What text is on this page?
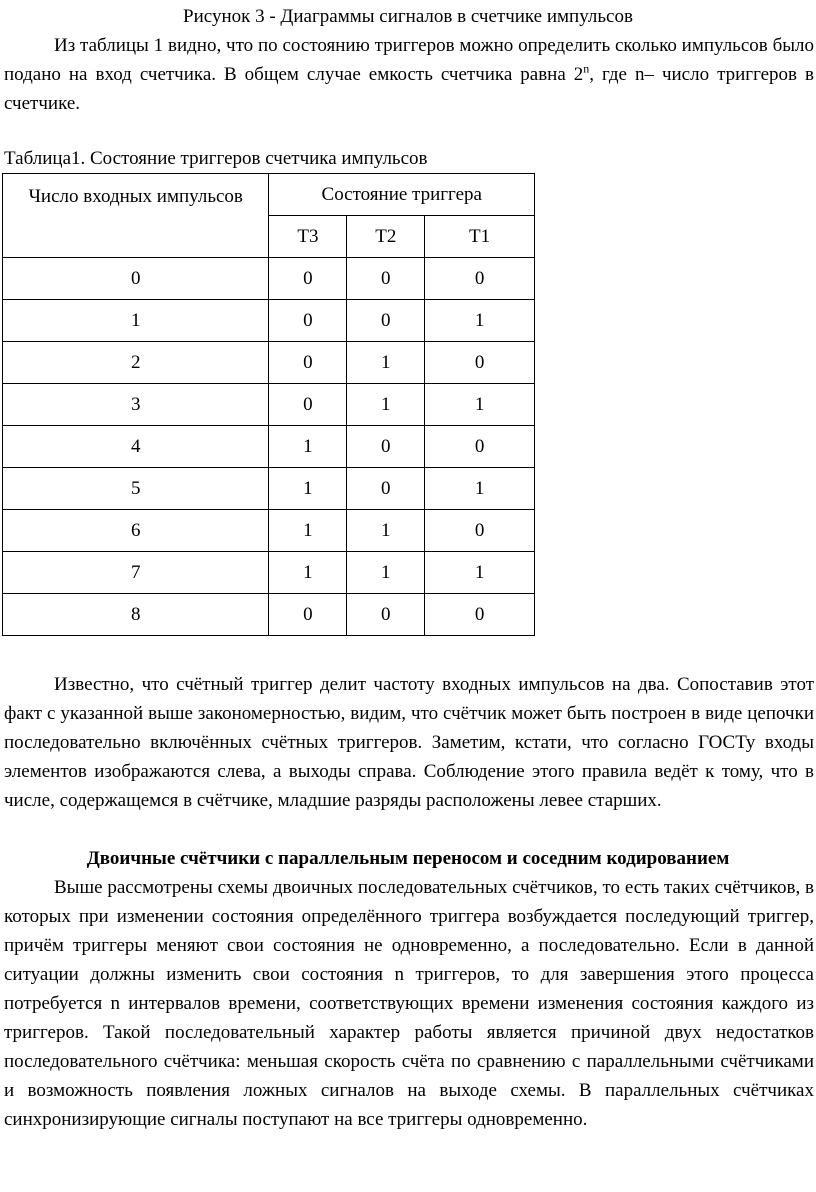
Рисунок 3 - Диаграммы сигналов в счетчике импульсов
Из таблицы 1 видно, что по состоянию триггеров можно определить сколько импульсов было подано на вход счетчика. В общем случае емкость счетчика равна 2$^n$, где n– число триггеров в счетчике.
Таблица1. Состояние триггеров счетчика импульсов
Число входных импульсов	Состояние триггера		
	Т3	Т2	Т1
0	0	0	0
1	0	0	1
2	0	1	0
3	0	1	1
4	1	0	0
5	1	0	1
6	1	1	0
7	1	1	1
8	0	0	0
Известно, что счётный триггер делит частоту входных импульсов на два. Сопоставив этот факт с указанной выше закономерностью, видим, что счётчик может быть построен в виде цепочки последовательно включённых счётных триггеров. Заметим, кстати, что согласно ГОСТу входы элементов изображаются слева, а выходы справа. Соблюдение этого правила ведёт к тому, что в числе, содержащемся в счётчике, младшие разряды расположены левее старших.
Двоичные счётчики с параллельным переносом и соседним кодированием
Выше рассмотрены схемы двоичных последовательных счётчиков, то есть таких счётчиков, в которых при изменении состояния определённого триггера возбуждается последующий триггер, причём триггеры меняют свои состояния не одновременно, а последовательно. Если в данной ситуации должны изменить свои состояния n триггеров, то для завершения этого процесса потребуется n интервалов времени, соответствующих времени изменения состояния каждого из триггеров. Такой последовательный характер работы является причиной двух недостатков последовательного счётчика: меньшая скорость счёта по сравнению с параллельными счётчиками и возможность появления ложных сигналов на выходе схемы. В параллельных счётчиках синхронизирующие сигналы поступают на все триггеры одновременно.
